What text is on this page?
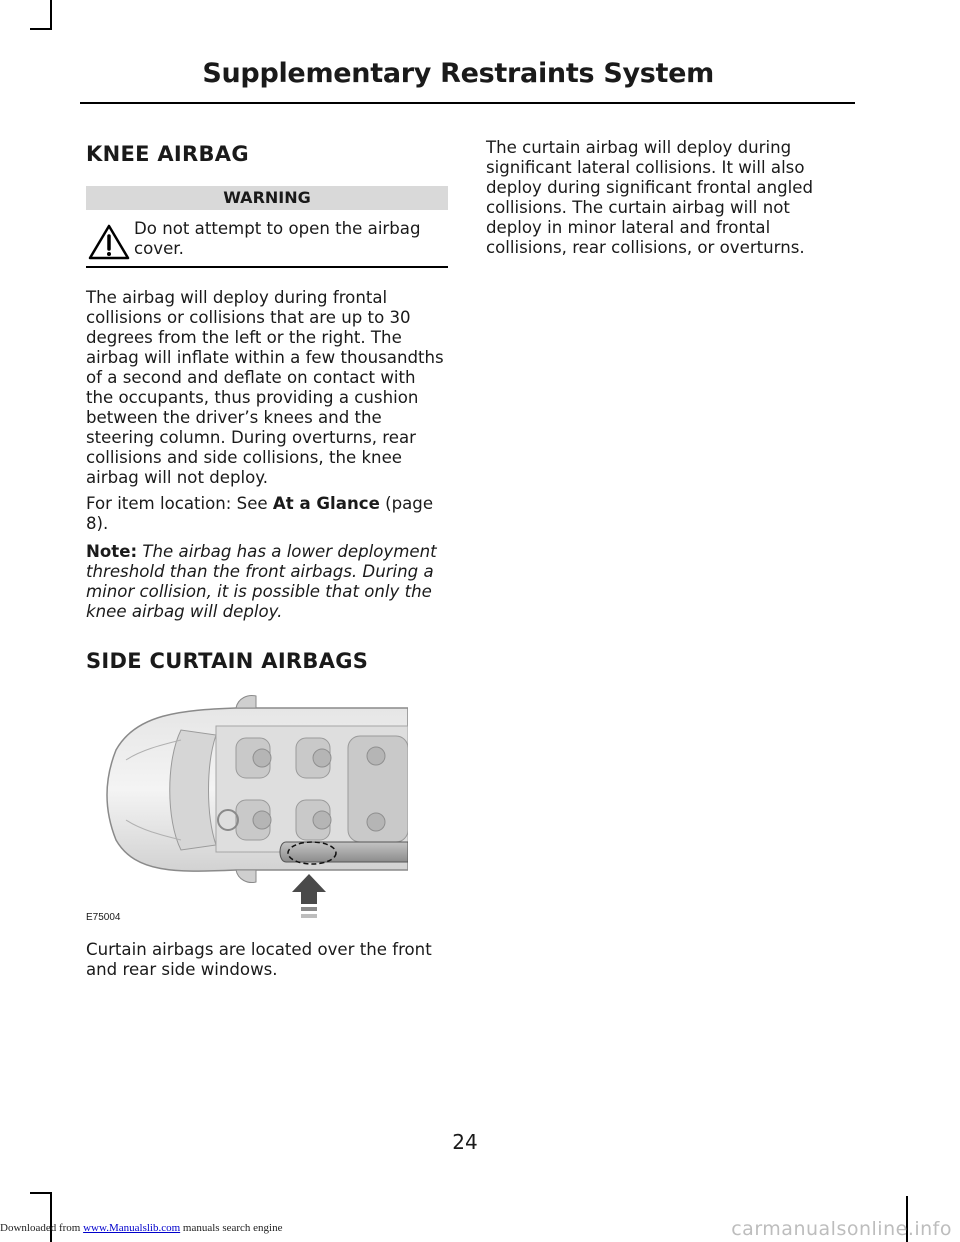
Supplementary Restraints System
KNEE AIRBAG
WARNING

Do not attempt to open the airbag cover.

The airbag will deploy during frontal collisions or collisions that are up to 30 degrees from the left or the right. The airbag will inflate within a few thousandths of a second and deflate on contact with the occupants, thus providing a cushion between the driver’s knees and the steering column. During overturns, rear collisions and side collisions, the knee airbag will not deploy.

For item location: See At a Glance (page 8).

Note: The airbag has a lower deployment threshold than the front airbags. During a minor collision, it is possible that only the knee airbag will deploy.

SIDE CURTAIN AIRBAGS
E75004

Curtain airbags are located over the front and rear side windows.

The curtain airbag will deploy during significant lateral collisions. It will also deploy during significant frontal angled collisions. The curtain airbag will not deploy in minor lateral and frontal collisions, rear collisions, or overturns.

24
Downloaded from www.Manualslib.com manuals search engine	carmanualsonline.info
